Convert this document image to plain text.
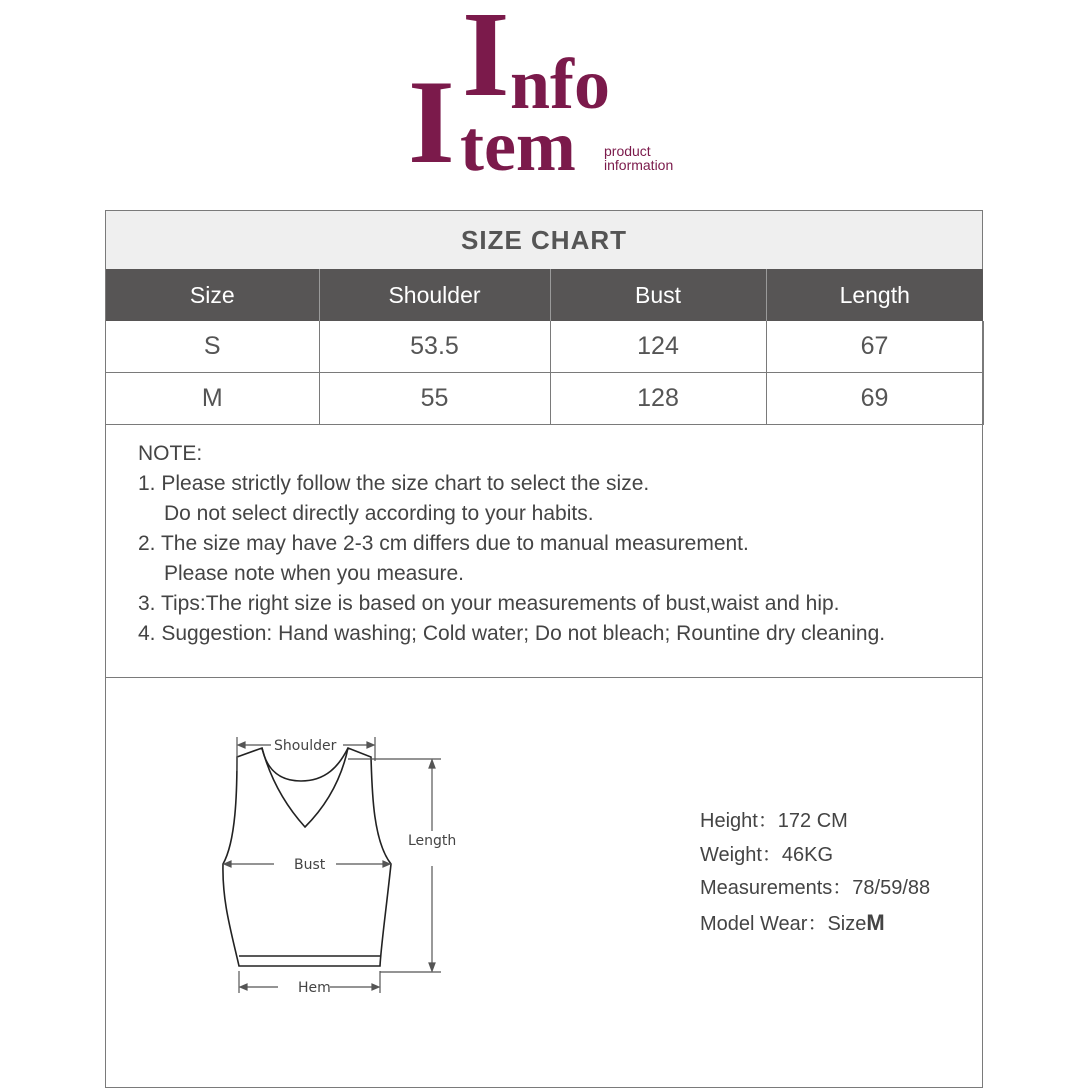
I nfo
I tem product
information
SIZE CHART
Size	Shoulder	Bust	Length
S	53.5	124	67
M	55	128	69
NOTE:
1. Please strictly follow the size chart to select the size.
Do not select directly according to your habits.
2. The size may have 2-3 cm differs due to manual measurement.
Please note when you measure.
3. Tips:The right size is based on your measurements of bust,waist and hip.
4. Suggestion: Hand washing; Cold water; Do not bleach; Rountine dry cleaning.
Shoulder
Bust
Length
Hem
Height：172 CM
Weight：46KG
Measurements：78/59/88
Model Wear：SizeM
